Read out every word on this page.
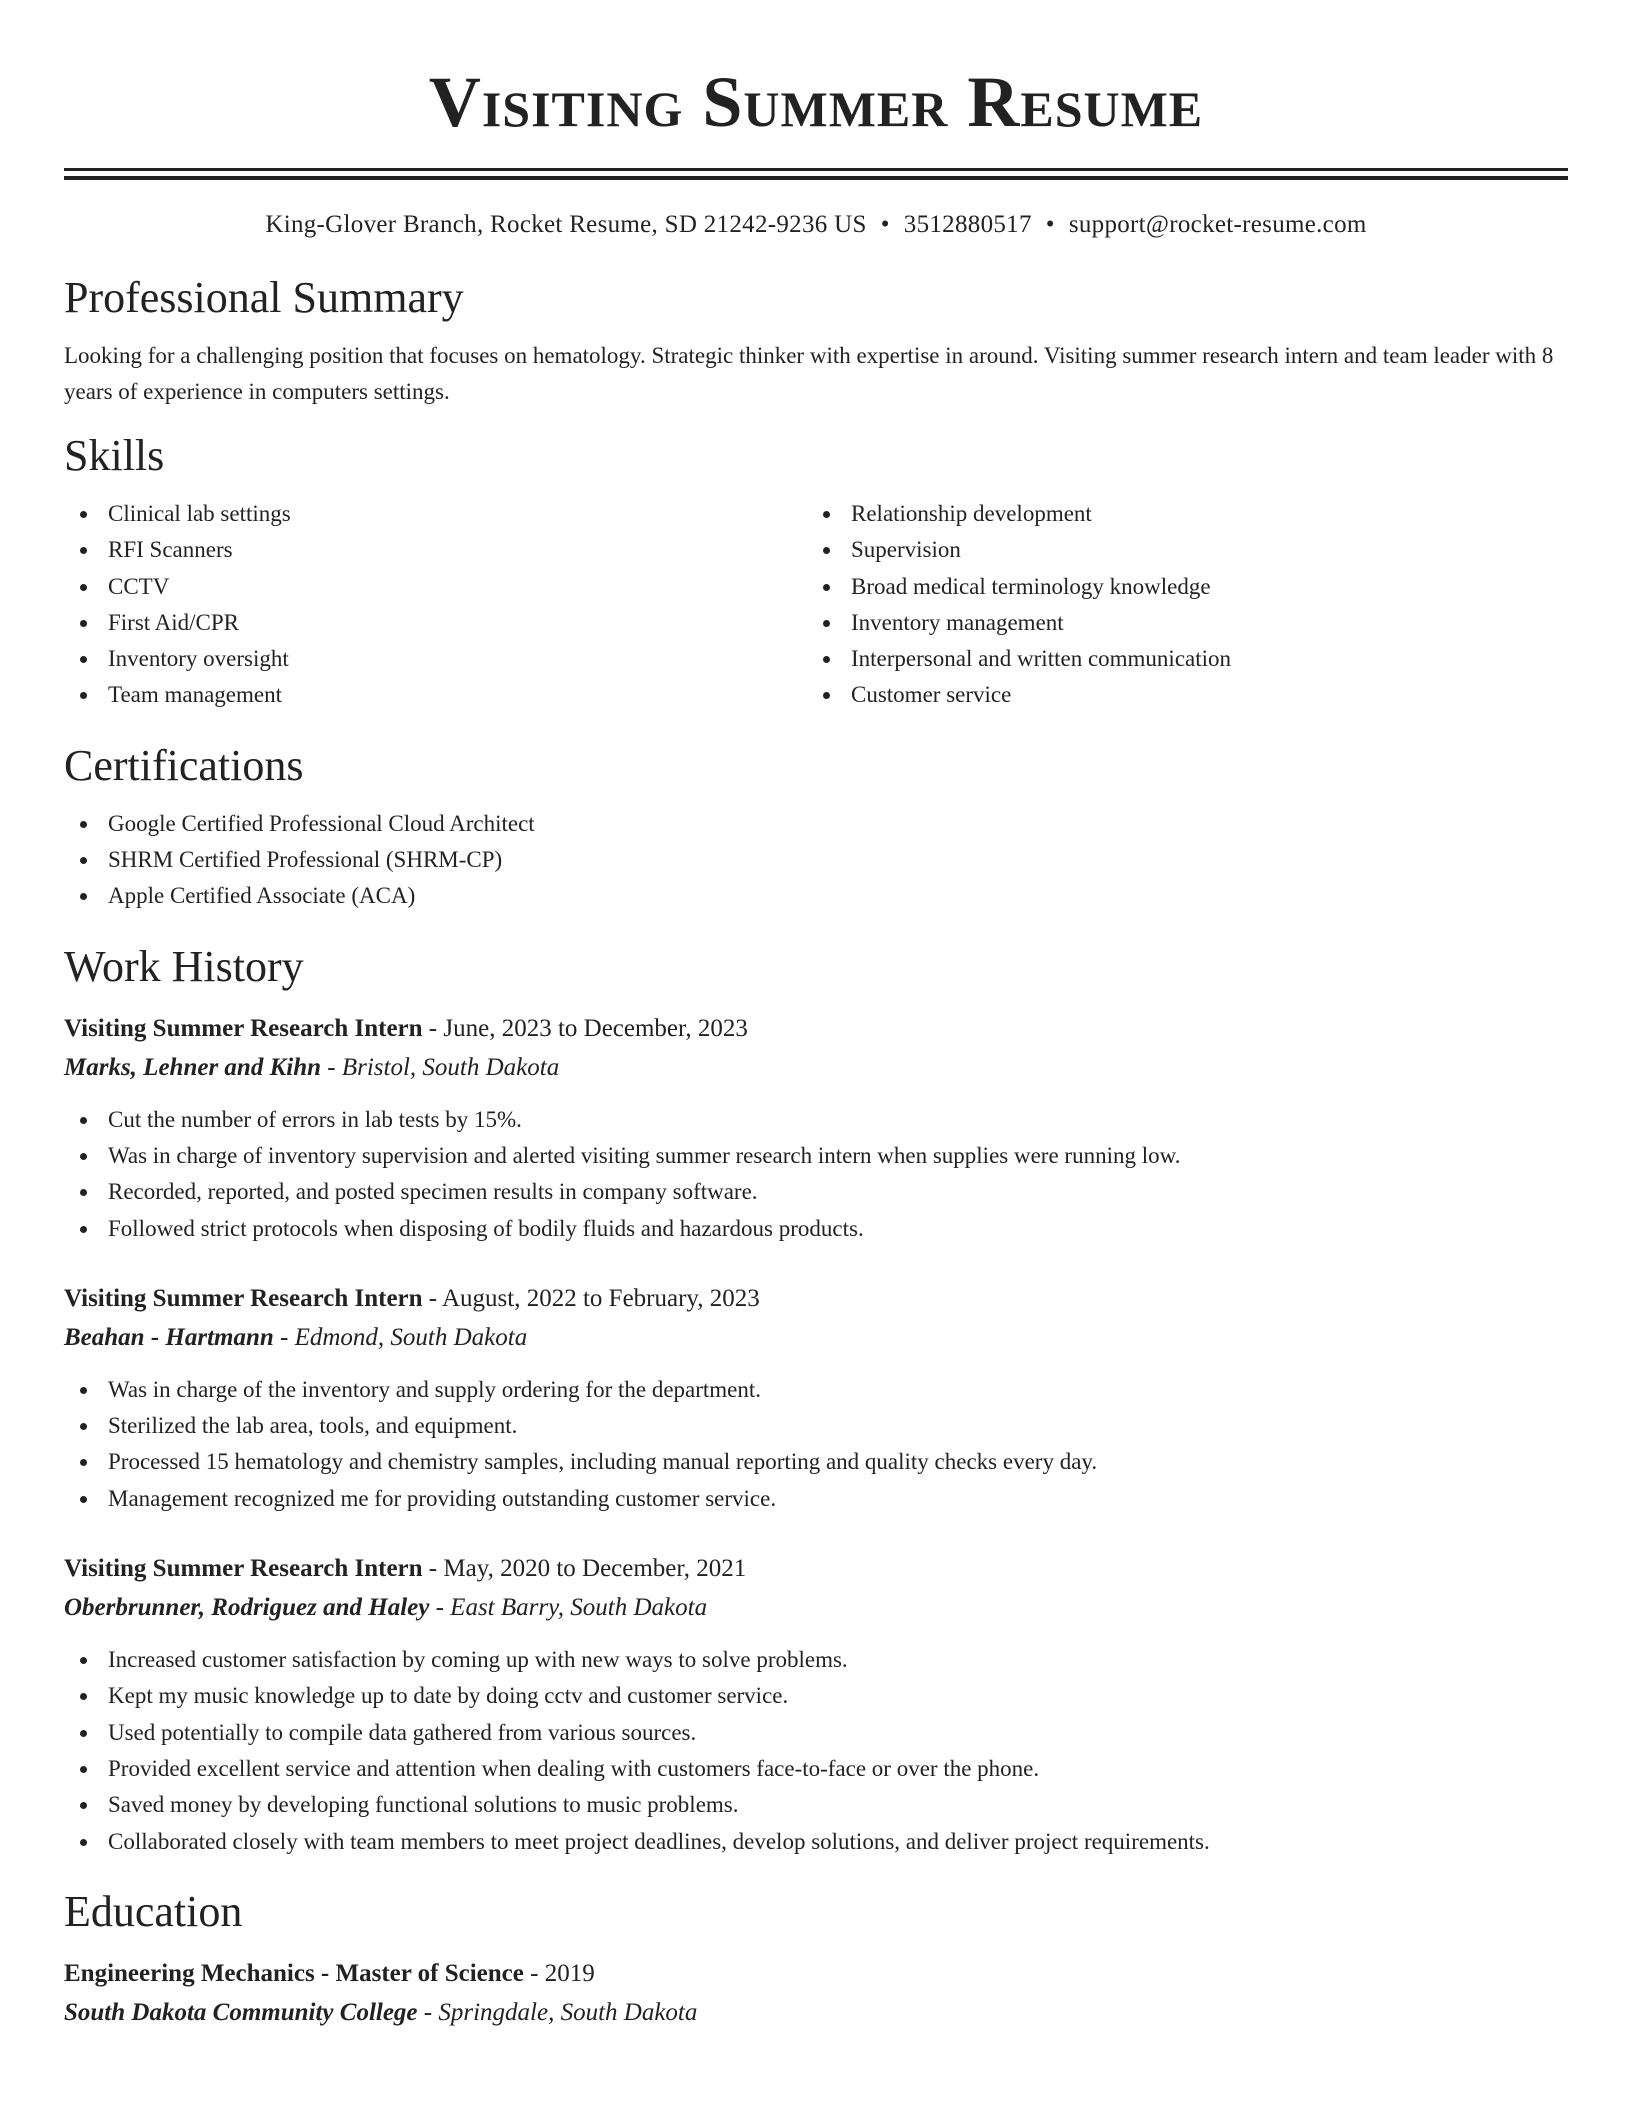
Visiting Summer Resume
King-Glover Branch, Rocket Resume, SD 21242-9236 US • 3512880517 • support@rocket-resume.com
Professional Summary

Looking for a challenging position that focuses on hematology. Strategic thinker with expertise in around. Visiting summer research intern and team leader with 8 years of experience in computers settings.

Skills
Clinical lab settings
RFI Scanners
CCTV
First Aid/CPR
Inventory oversight
Team management
Relationship development
Supervision
Broad medical terminology knowledge
Inventory management
Interpersonal and written communication
Customer service
Certifications
Google Certified Professional Cloud Architect
SHRM Certified Professional (SHRM-CP)
Apple Certified Associate (ACA)
Work History
Visiting Summer Research Intern - June, 2023 to December, 2023
Marks, Lehner and Kihn - Bristol, South Dakota
Cut the number of errors in lab tests by 15%.
Was in charge of inventory supervision and alerted visiting summer research intern when supplies were running low.
Recorded, reported, and posted specimen results in company software.
Followed strict protocols when disposing of bodily fluids and hazardous products.
Visiting Summer Research Intern - August, 2022 to February, 2023
Beahan - Hartmann - Edmond, South Dakota
Was in charge of the inventory and supply ordering for the department.
Sterilized the lab area, tools, and equipment.
Processed 15 hematology and chemistry samples, including manual reporting and quality checks every day.
Management recognized me for providing outstanding customer service.
Visiting Summer Research Intern - May, 2020 to December, 2021
Oberbrunner, Rodriguez and Haley - East Barry, South Dakota
Increased customer satisfaction by coming up with new ways to solve problems.
Kept my music knowledge up to date by doing cctv and customer service.
Used potentially to compile data gathered from various sources.
Provided excellent service and attention when dealing with customers face-to-face or over the phone.
Saved money by developing functional solutions to music problems.
Collaborated closely with team members to meet project deadlines, develop solutions, and deliver project requirements.
Education
Engineering Mechanics - Master of Science - 2019
South Dakota Community College - Springdale, South Dakota
